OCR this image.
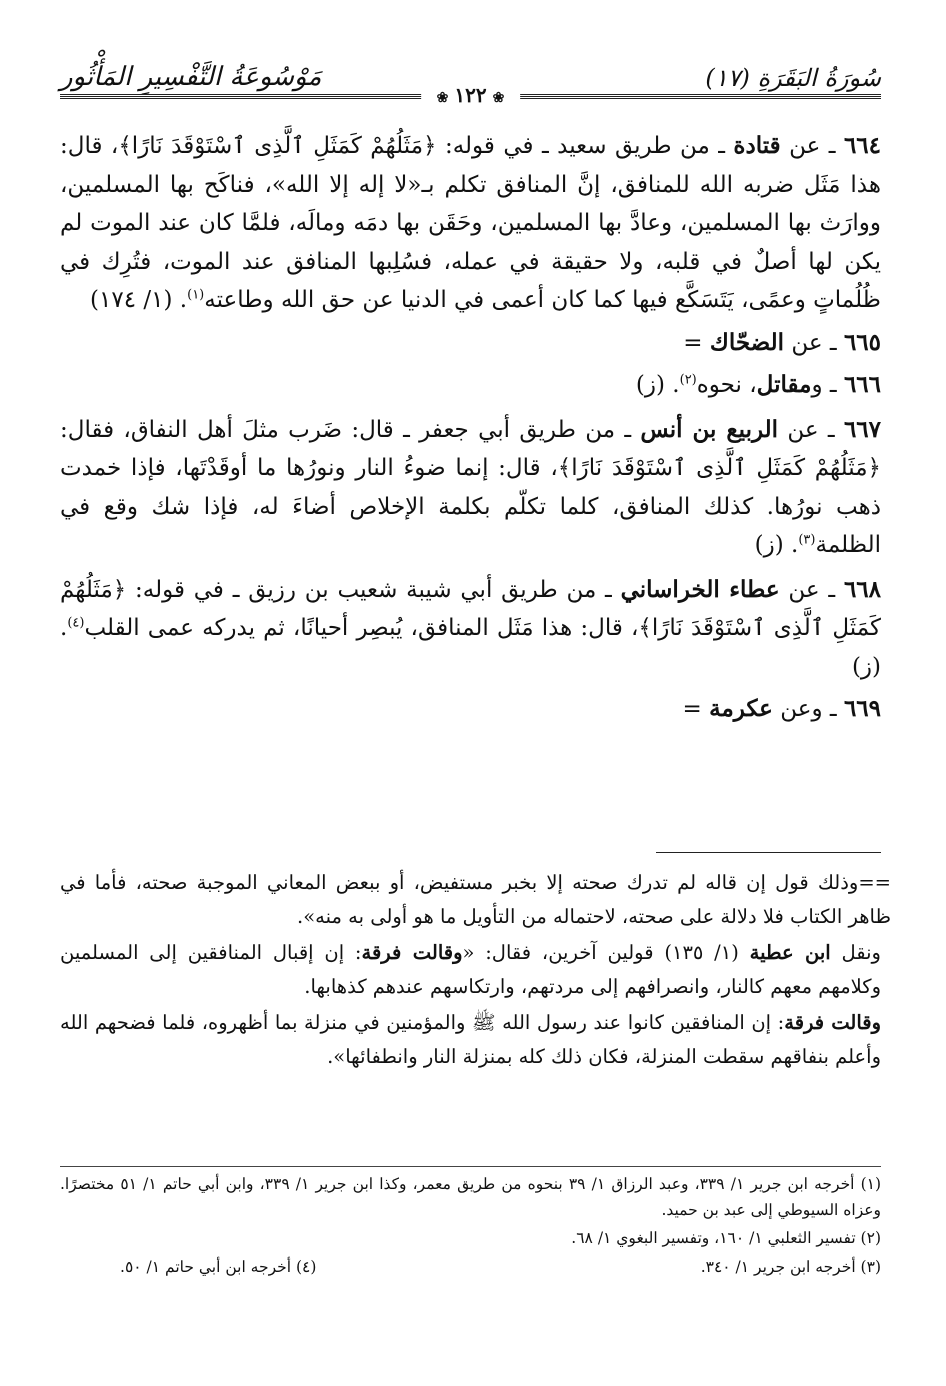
سُورَةُ البَقَرَةِ (١٧)
مَوْسُوعَةُ التَّفْسِيرِ المَأْثُور
❀١٢٢❀

٦٦٤ ـ عن قتادة ـ من طريق سعيد ـ في قوله: ﴿مَثَلُهُمْ كَمَثَلِ ٱلَّذِى ٱسْتَوْقَدَ نَارًا﴾، قال: هذا مَثَل ضربه الله للمنافق، إنَّ المنافق تكلم بـ«لا إله إلا الله»، فناكَح بها المسلمين، ووارَث بها المسلمين، وعادَّ بها المسلمين، وحَقَن بها دمَه ومالَه، فلمَّا كان عند الموت لم يكن لها أصلٌ في قلبه، ولا حقيقة في عمله، فسُلِبها المنافق عند الموت، فتُرِك في ظُلُماتٍ وعمًى، يَتَسَكَّع فيها كما كان أعمى في الدنيا عن حق الله وطاعته$^{(١)}$. (١/ ١٧٤)

٦٦٥ ـ عن الضحّاك =

٦٦٦ ـ ومقاتل، نحوه$^{(٢)}$. (ز)

٦٦٧ ـ عن الربيع بن أنس ـ من طريق أبي جعفر ـ قال: ضَرب مثلَ أهل النفاق، فقال: ﴿مَثَلُهُمْ كَمَثَلِ ٱلَّذِى ٱسْتَوْقَدَ نَارًا﴾، قال: إنما ضوءُ النار ونورُها ما أوقَدْتَها، فإذا خمدت ذهب نورُها. كذلك المنافق، كلما تكلّم بكلمة الإخلاص أضاءَ له، فإذا شك وقع في الظلمة$^{(٣)}$. (ز)

٦٦٨ ـ عن عطاء الخراساني ـ من طريق أبي شيبة شعيب بن رزيق ـ في قوله: ﴿مَثَلُهُمْ كَمَثَلِ ٱلَّذِى ٱسْتَوْقَدَ نَارًا﴾، قال: هذا مَثَل المنافق، يُبصِر أحيانًا، ثم يدركه عمى القلب$^{(٤)}$. (ز)

٦٦٩ ـ وعن عكرمة =

==وذلك قول إن قاله لم تدرك صحته إلا بخبر مستفيض، أو ببعض المعاني الموجبة صحته، فأما في ظاهر الكتاب فلا دلالة على صحته، لاحتماله من التأويل ما هو أولى به منه».

ونقل ابن عطية (١/ ١٣٥) قولين آخرين، فقال: «وقالت فرقة: إن إقبال المنافقين إلى المسلمين وكلامهم معهم كالنار، وانصرافهم إلى مردتهم، وارتكاسهم عندهم كذهابها.

وقالت فرقة: إن المنافقين كانوا عند رسول الله ﷺ والمؤمنين في منزلة بما أظهروه، فلما فضحهم الله وأعلم بنفاقهم سقطت المنزلة، فكان ذلك كله بمنزلة النار وانطفائها».

(١) أخرجه ابن جرير ١/ ٣٣٩، وعبد الرزاق ١/ ٣٩ بنحوه من طريق معمر، وكذا ابن جرير ١/ ٣٣٩، وابن أبي حاتم ١/ ٥١ مختصرًا. وعزاه السيوطي إلى عبد بن حميد.

(٢) تفسير الثعلبي ١/ ١٦٠، وتفسير البغوي ١/ ٦٨.

(٣) أخرجه ابن جرير ١/ ٣٤٠.
(٤) أخرجه ابن أبي حاتم ١/ ٥٠.
